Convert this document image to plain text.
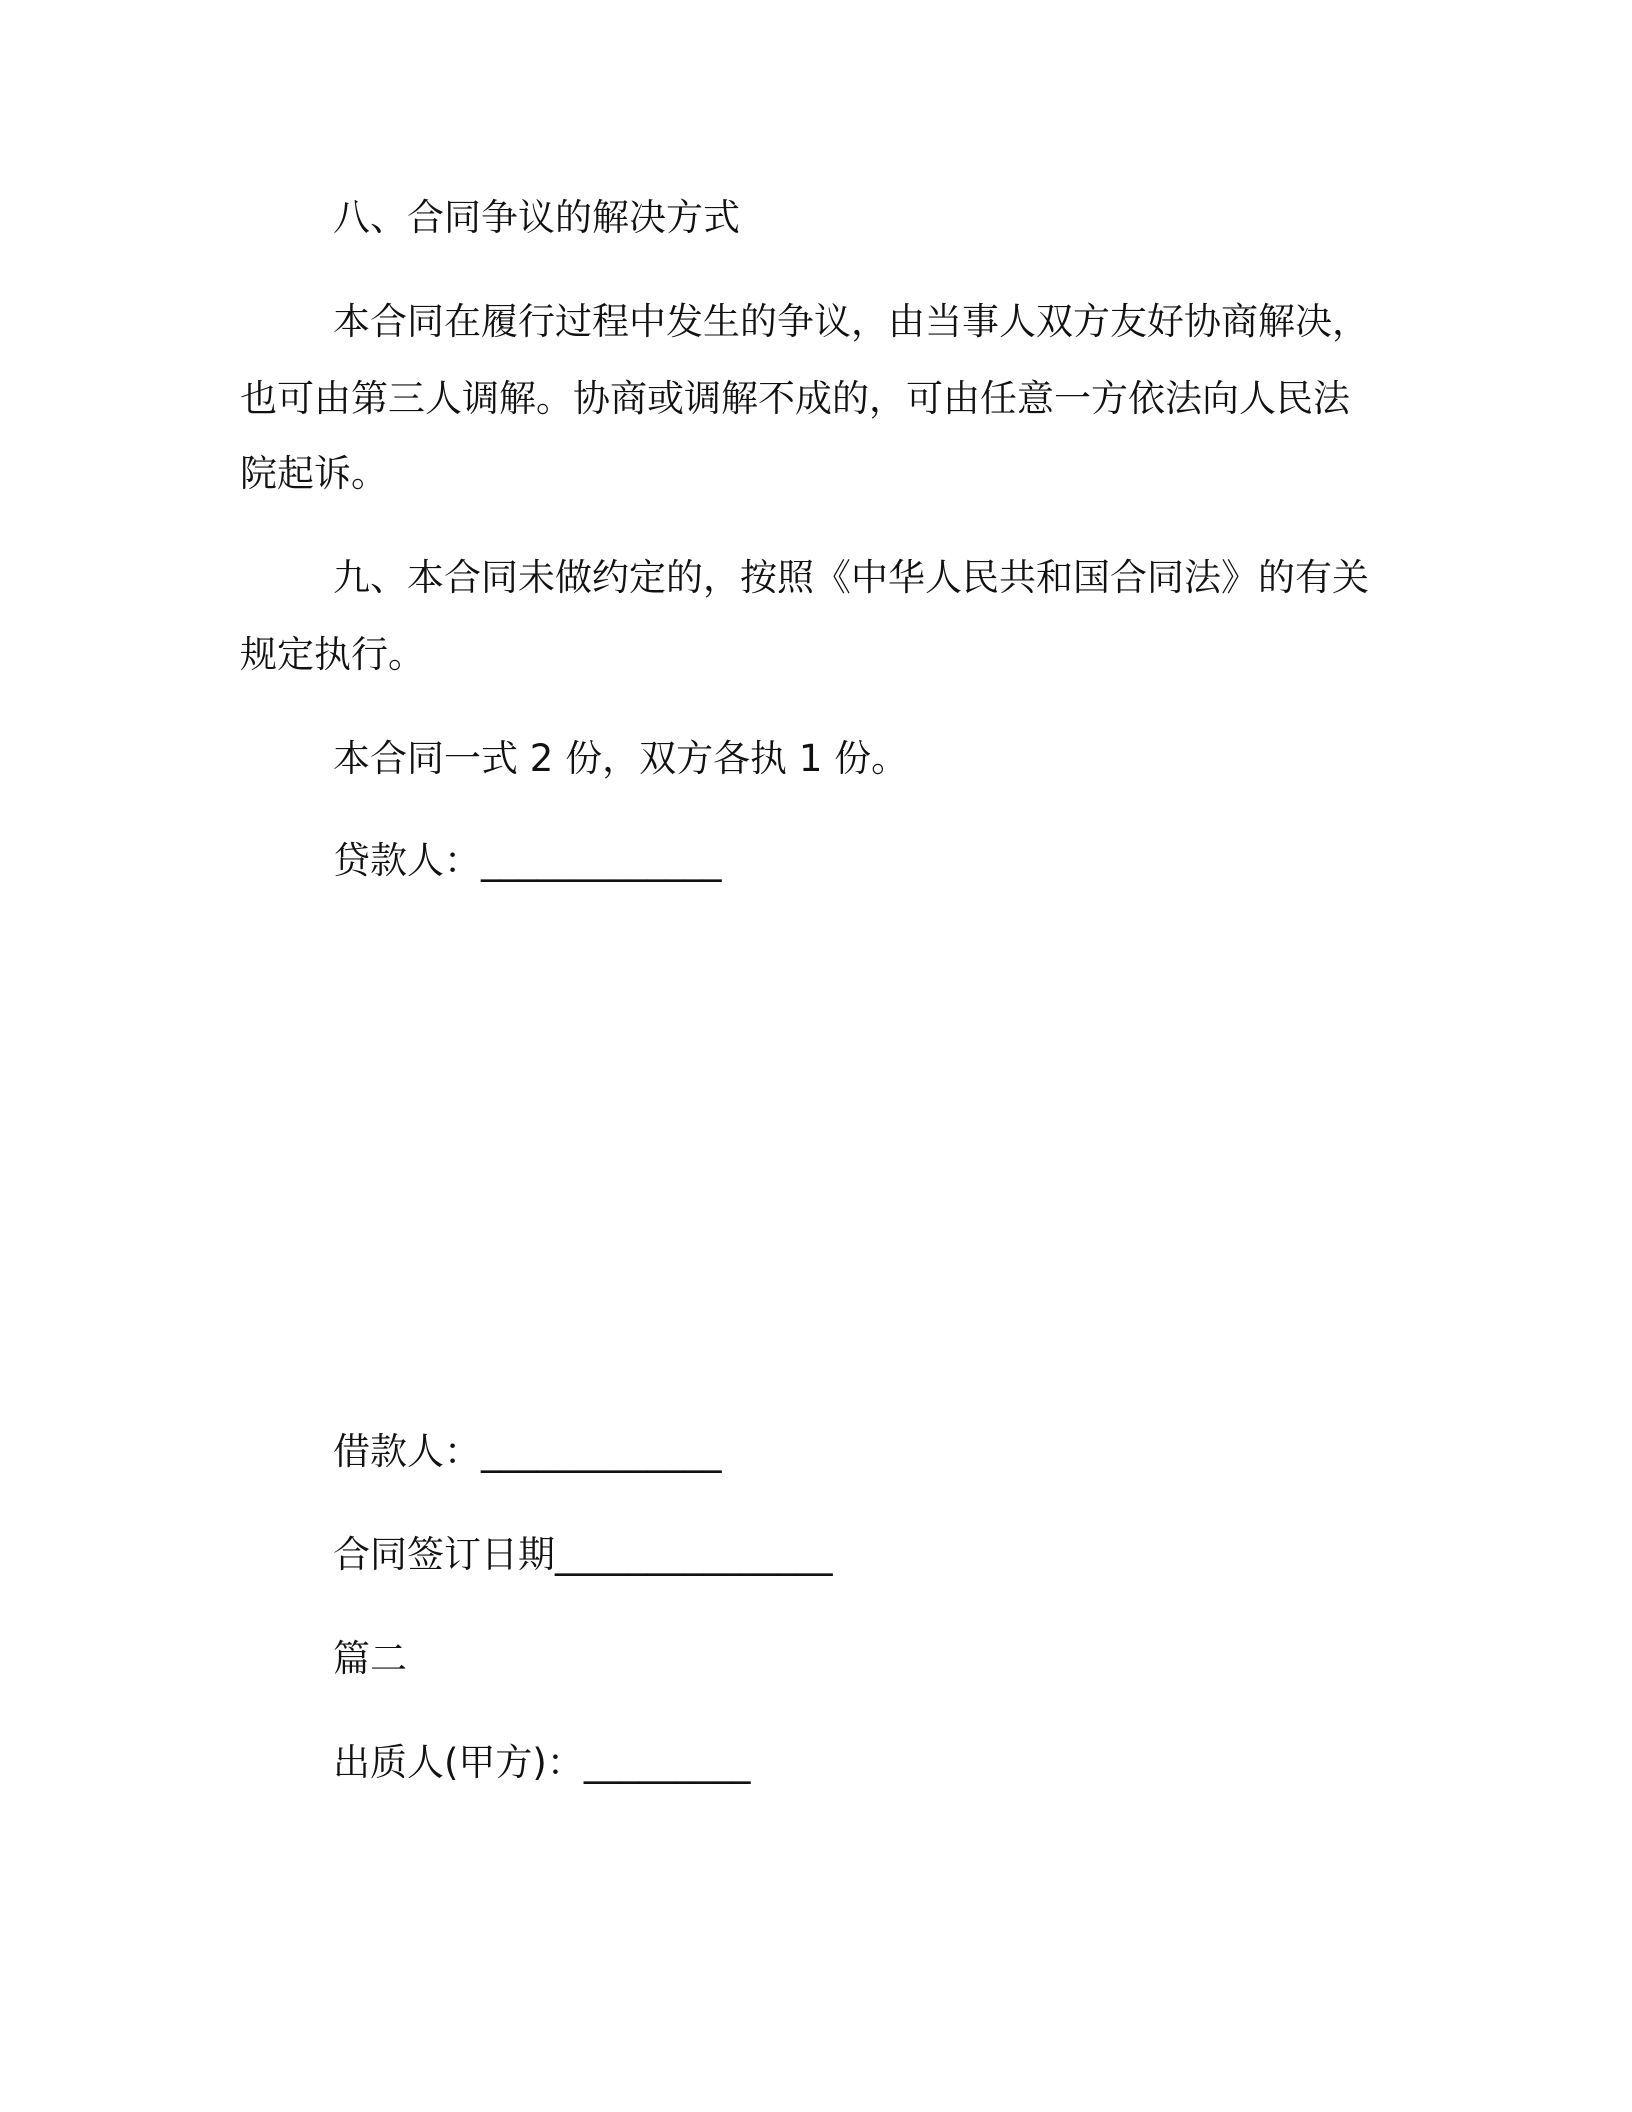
八、合同争议的解决方式
本合同在履行过程中发生的争议，由当事人双方友好协商解决，
也可由第三人调解。协商或调解不成的，可由任意一方依法向人民法
院起诉。
九、本合同未做约定的，按照《中华人民共和国合同法》的有关
规定执行。
本合同一式 2 份，双方各执 1 份。
贷款人：_____________
借款人：_____________
合同签订日期_______________
篇二
出质人(甲方)：_________
